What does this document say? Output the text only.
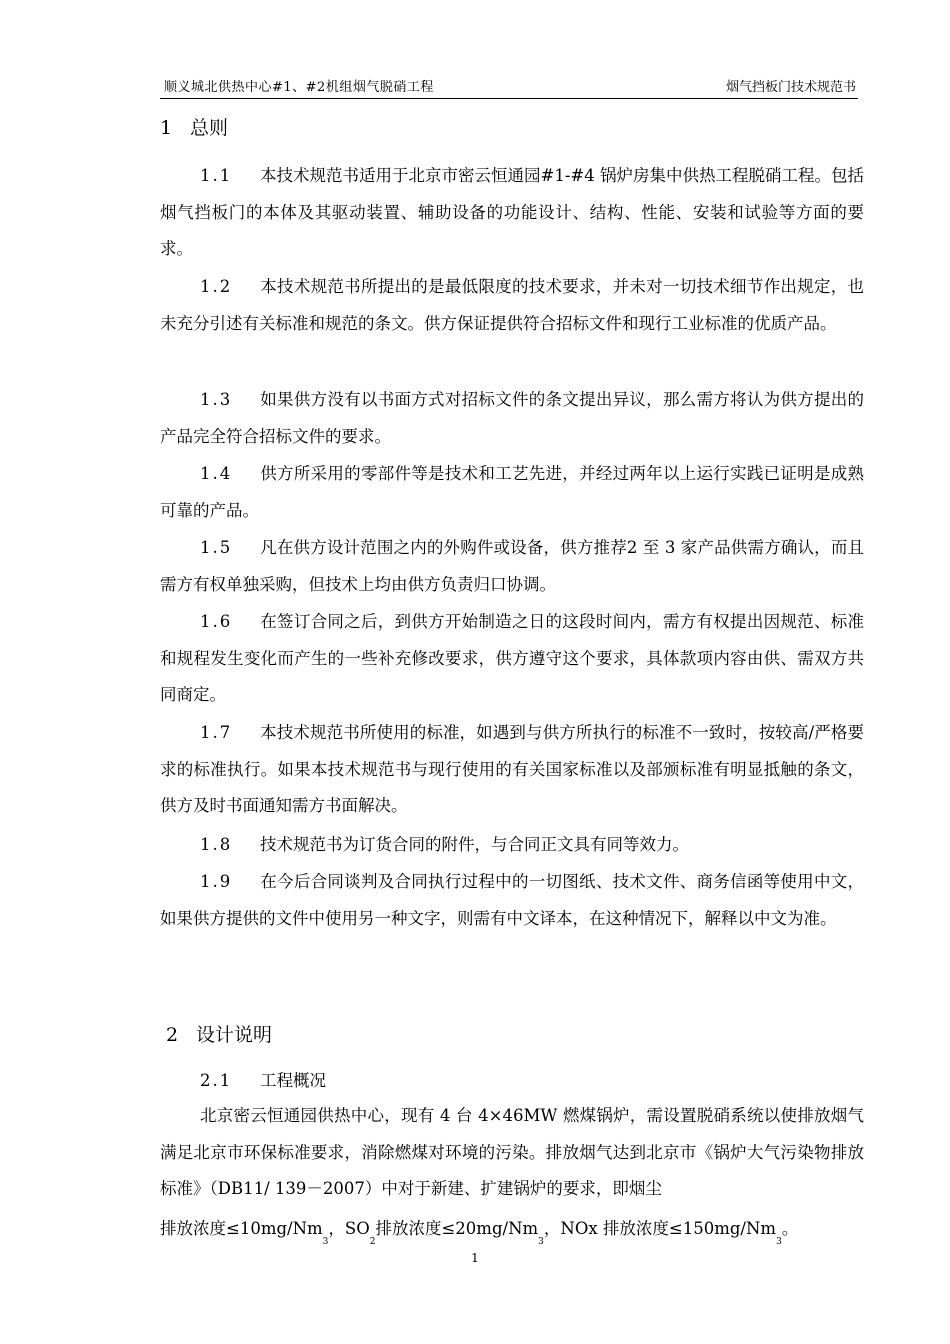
顺义城北供热中心#1、#2机组烟气脱硝工程	烟气挡板门技术规范书
1 总则
1.1 本技术规范书适用于北京市密云恒通园#1-#4 锅炉房集中供热工程脱硝工程。包括烟气挡板门的本体及其驱动装置、辅助设备的功能设计、结构、性能、安装和试验等方面的要求。
1.2 本技术规范书所提出的是最低限度的技术要求，并未对一切技术细节作出规定，也未充分引述有关标准和规范的条文。供方保证提供符合招标文件和现行工业标准的优质产品。
1.3 如果供方没有以书面方式对招标文件的条文提出异议，那么需方将认为供方提出的产品完全符合招标文件的要求。
1.4 供方所采用的零部件等是技术和工艺先进，并经过两年以上运行实践已证明是成熟可靠的产品。
1.5 凡在供方设计范围之内的外购件或设备，供方推荐2 至 3 家产品供需方确认，而且需方有权单独采购，但技术上均由供方负责归口协调。
1.6 在签订合同之后，到供方开始制造之日的这段时间内，需方有权提出因规范、标准和规程发生变化而产生的一些补充修改要求，供方遵守这个要求，具体款项内容由供、需双方共同商定。
1.7 本技术规范书所使用的标准，如遇到与供方所执行的标准不一致时，按较高/严格要求的标准执行。如果本技术规范书与现行使用的有关国家标准以及部颁标准有明显抵触的条文，供方及时书面通知需方书面解决。
1.8 技术规范书为订货合同的附件，与合同正文具有同等效力。
1.9 在今后合同谈判及合同执行过程中的一切图纸、技术文件、商务信函等使用中文，如果供方提供的文件中使用另一种文字，则需有中文译本，在这种情况下，解释以中文为准。
2 设计说明
2.1 工程概况
北京密云恒通园供热中心，现有 4 台 4×46MW 燃煤锅炉，需设置脱硝系统以使排放烟气满足北京市环保标准要求，消除燃煤对环境的污染。排放烟气达到北京市《锅炉大气污染物排放标准》（DB11/ 139－2007）中对于新建、扩建锅炉的要求，即烟尘
排放浓度$\le 10mg/Nm_3$，$SO_2$排放浓度$\le 20mg/Nm_3$，NOx 排放浓度$\le 150mg/Nm_3$。
1
